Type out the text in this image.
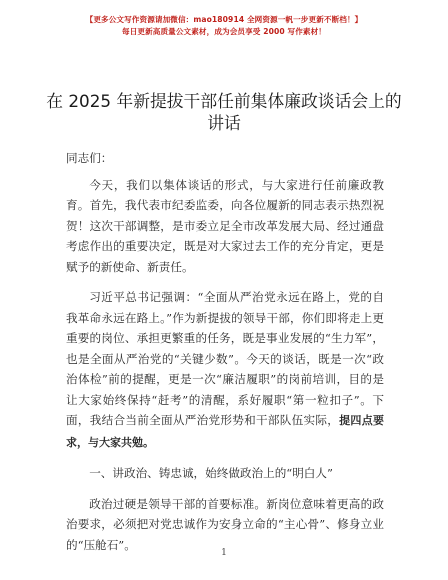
【更多公文写作资源请加微信：mao180914 全网资源一帆一步更新不断档！】
每日更新高质量公文素材，成为会员享受 2000 写作素材！
在 2025 年新提拔干部任前集体廉政谈话会上的
讲话

同志们：

今天，我们以集体谈话的形式，与大家进行任前廉政教育。首先，我代表市纪委监委，向各位履新的同志表示热烈祝贺！这次干部调整，是市委立足全市改革发展大局、经过通盘考虑作出的重要决定，既是对大家过去工作的充分肯定，更是赋予的新使命、新责任。

习近平总书记强调：“全面从严治党永远在路上，党的自我革命永远在路上。”作为新提拔的领导干部，你们即将走上更重要的岗位、承担更繁重的任务，既是事业发展的“生力军”，也是全面从严治党的“关键少数”。今天的谈话，既是一次“政治体检”前的提醒，更是一次“廉洁履职”的岗前培训，目的是让大家始终保持“赶考”的清醒，系好履职“第一粒扣子”。下面，我结合当前全面从严治党形势和干部队伍实际，提四点要求，与大家共勉。

一、讲政治、铸忠诚，始终做政治上的“明白人”

政治过硬是领导干部的首要标准。新岗位意味着更高的政治要求，必须把对党忠诚作为安身立命的“主心骨”、修身立业的“压舱石”。

1
